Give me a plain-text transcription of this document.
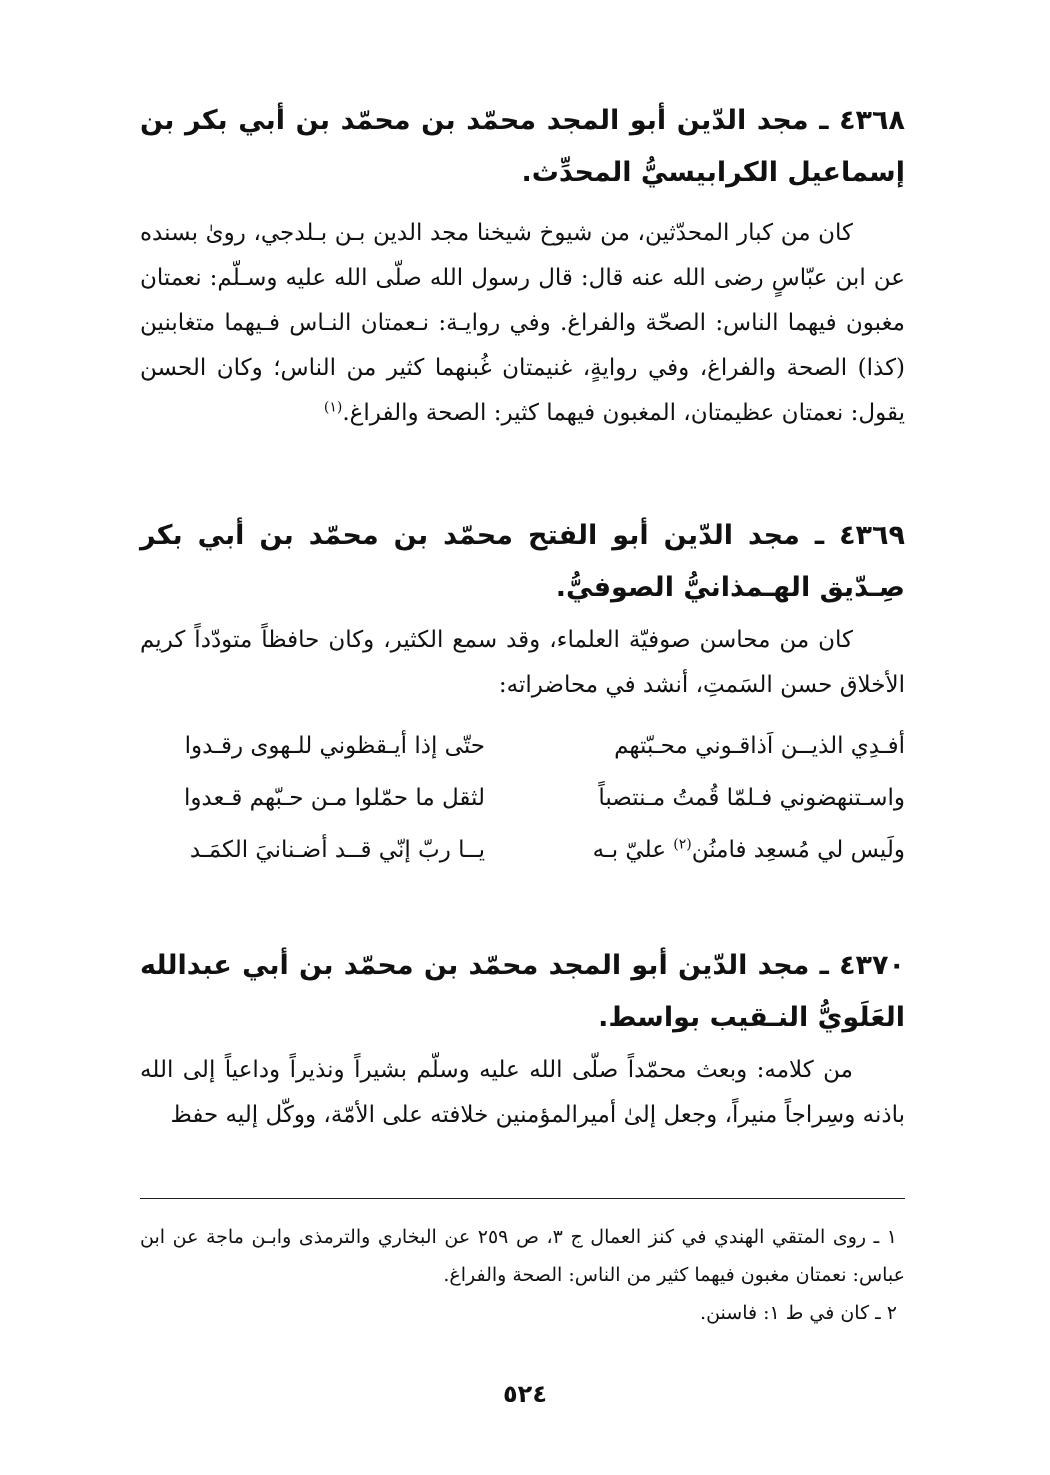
٤٣٦٨ ـ مجد الدّين أبو المجد محمّد بن محمّد بن أبي بكر بن إسماعيل الكرابيسيُّ المحدِّث.

كان من كبار المحدّثين، من شيوخ شيخنا مجد الدين بـن بـلدجي، روىٰ بسنده عن ابن عبّاسٍ رضى الله عنه قال: قال رسول الله صلّى الله عليه وسـلّم: نعمتان مغبون فيهما الناس: الصحّة والفراغ. وفي روايـة: نـعمتان النـاس فـيهما متغابنين (كذا) الصحة والفراغ، وفي روايةٍ، غنيمتان غُبنهما كثير من الناس؛ وكان الحسن يقول: نعمتان عظيمتان، المغبون فيهما كثير: الصحة والفراغ.$^{(١)}$

٤٣٦٩ ـ مجد الدّين أبو الفتح محمّد بن محمّد بن أبي بكر صِـدّيق الهـمذانيُّ الصوفيُّ.

كان من محاسن صوفيّة العلماء، وقد سمع الكثير، وكان حافظاً متودّداً كريم الأخلاق حسن السَمتِ، أنشد في محاضراته:

أفـدِي الذيــن اَذاقـوني محـبّتهم
حتّى إذا أيـقظوني للـهوى رقـدوا
واسـتنهضوني فـلمّا قُمتُ مـنتصباً
لثقل ما حمّلوا مـن حـبّهم قـعدوا
ولَيس لي مُسعِد فامنُن$^{(٢)}$ عليّ بـه
يــا ربّ إنّي قــد أضـنانيَ الكمَـد
٤٣٧٠ ـ مجد الدّين أبو المجد محمّد بن محمّد بن أبي عبدالله العَلَويُّ النـقيب بواسط.

من كلامه: وبعث محمّداً صلّى الله عليه وسلّم بشيراً ونذيراً وداعياً إلى الله باذنه وسِراجاً منيراً، وجعل إلىٰ أميرالمؤمنين خلافته على الأمّة، ووكّل إليه حفظ

١ ـ روى المتقي الهندي في كنز العمال ج ٣، ص ٢٥٩ عن البخاري والترمذى وابـن ماجة عن ابن عباس: نعمتان مغبون فيهما كثير من الناس: الصحة والفراغ.

٢ ـ كان في ط ١: فاسنن.

٥٢٤
